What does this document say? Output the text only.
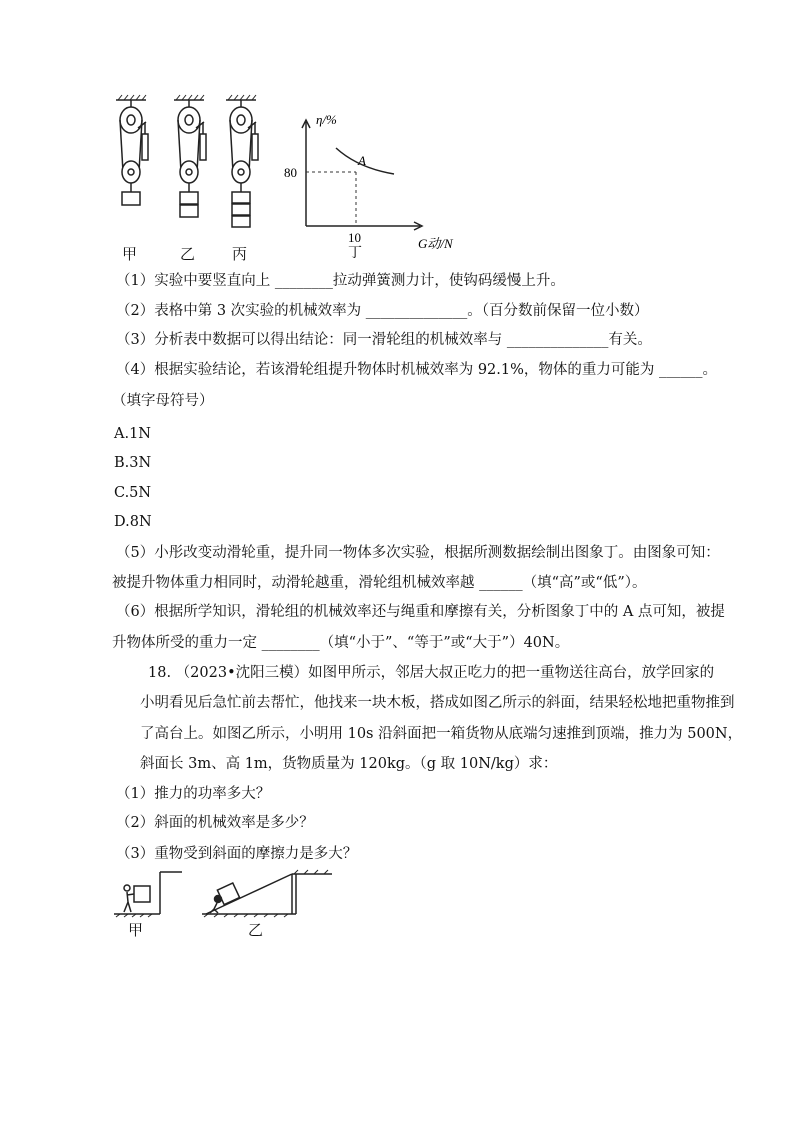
甲	乙 丙
η/%
80
A
10
丁
G动/N
（1）实验中要竖直向上 ________拉动弹簧测力计，使钩码缓慢上升。
（2）表格中第 3 次实验的机械效率为 ______________。（百分数前保留一位小数）
（3）分析表中数据可以得出结论：同一滑轮组的机械效率与 ______________有关。
（4）根据实验结论，若该滑轮组提升物体时机械效率为 92.1%，物体的重力可能为 ______。
（填字母符号）
A.1N
B.3N
C.5N
D.8N
（5）小彤改变动滑轮重，提升同一物体多次实验，根据所测数据绘制出图象丁。由图象可知：
被提升物体重力相同时，动滑轮越重，滑轮组机械效率越 ______（填“高”或“低”）。
（6）根据所学知识，滑轮组的机械效率还与绳重和摩擦有关，分析图象丁中的 A 点可知，被提
升物体所受的重力一定 ________（填“小于”、“等于”或“大于”）40N。
18. （2023•沈阳三模）如图甲所示，邻居大叔正吃力的把一重物送往高台，放学回家的
小明看见后急忙前去帮忙，他找来一块木板，搭成如图乙所示的斜面，结果轻松地把重物推到
了高台上。如图乙所示，小明用 10s 沿斜面把一箱货物从底端匀速推到顶端，推力为 500N，
斜面长 3m、高 1m，货物质量为 120kg。（g 取 10N/kg）求：
（1）推力的功率多大？
（2）斜面的机械效率是多少？
（3）重物受到斜面的摩擦力是多大？
甲	乙
